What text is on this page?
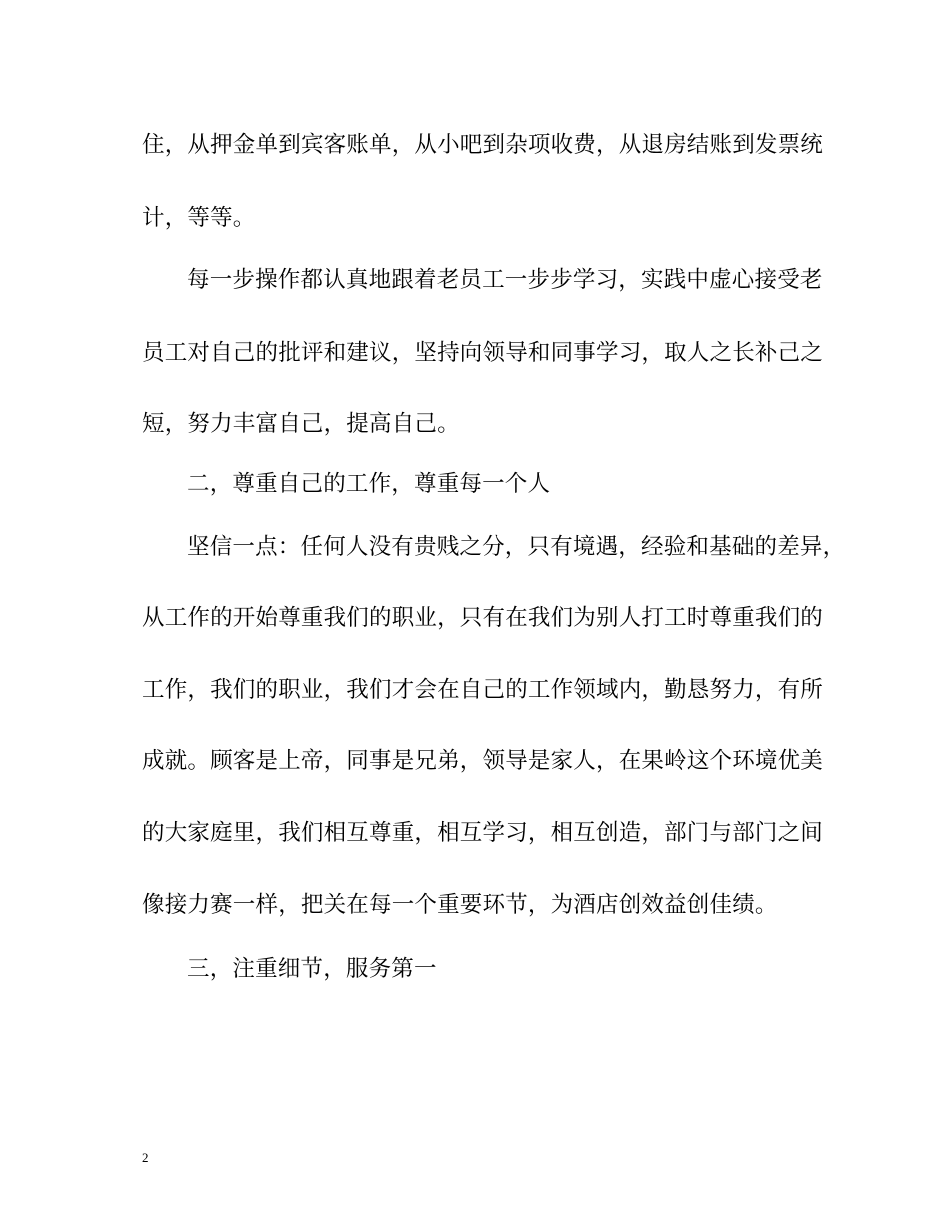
住，从押金单到宾客账单，从小吧到杂项收费，从退房结账到发票统
计，等等。
每一步操作都认真地跟着老员工一步步学习，实践中虚心接受老
员工对自己的批评和建议，坚持向领导和同事学习，取人之长补己之
短，努力丰富自己，提高自己。
二，尊重自己的工作，尊重每一个人
坚信一点：任何人没有贵贱之分，只有境遇，经验和基础的差异，
从工作的开始尊重我们的职业，只有在我们为别人打工时尊重我们的
工作，我们的职业，我们才会在自己的工作领域内，勤恳努力，有所
成就。顾客是上帝，同事是兄弟，领导是家人，在果岭这个环境优美
的大家庭里，我们相互尊重，相互学习，相互创造，部门与部门之间
像接力赛一样，把关在每一个重要环节，为酒店创效益创佳绩。
三，注重细节，服务第一
2
